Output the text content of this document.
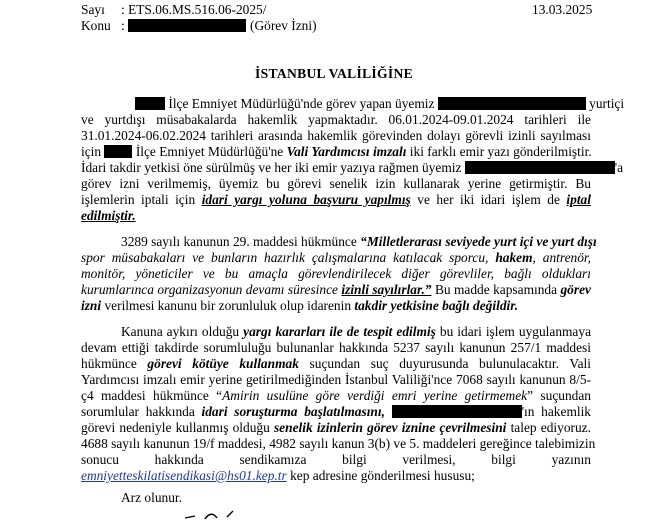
Sayı : ETS.06.MS.516.06-2025/	13.03.2025
Konu :	(Görev İzni)
İSTANBUL VALİLİĞİNE
İlçe Emniyet Müdürlüğü'nde görev yapan üyemiz	yurtiçi
ve yurtdışı müsabakalarda hakemlik yapmaktadır. 06.01.2024-09.01.2024 tarihleri ile
31.01.2024-06.02.2024 tarihleri arasında hakemlik görevinden dolayı görevli izinli sayılması
için	İlçe Emniyet Müdürlüğü'ne Vali Yardımcısı imzalı iki farklı emir yazı gönderilmiştir.
İdari takdir yetkisi öne sürülmüş ve her iki emir yazıya rağmen üyemiz	'a
görev izni verilmemiş, üyemiz bu görevi senelik izin kullanarak yerine getirmiştir. Bu
işlemlerin iptali için idari yargı yoluna başvuru yapılmış ve her iki idari işlem de iptal
edilmiştir.
3289 sayılı kanunun 29. maddesi hükmünce “Milletlerarası seviyede yurt içi ve yurt dışı
spor müsabakaları ve bunların hazırlık çalışmalarına katılacak sporcu, hakem, antrenör,
monitör, yöneticiler ve bu amaçla görevlendirilecek diğer görevliler, bağlı oldukları
kurumlarınca organizasyonun devamı süresince izinli sayılırlar.” Bu madde kapsamında görev
izni verilmesi kanunu bir zorunluluk olup idarenin takdir yetkisine bağlı değildir.
Kanuna aykırı olduğu yargı kararları ile de tespit edilmiş bu idari işlem uygulanmaya
devam ettiği takdirde sorumluluğu bulunanlar hakkında 5237 sayılı kanunun 257/1 maddesi
hükmünce görevi kötüye kullanmak suçundan suç duyurusunda bulunulacaktır. Vali
Yardımcısı imzalı emir yerine getirilmediğinden İstanbul Valiliği'nce 7068 sayılı kanunun 8/5-
ç4 maddesi hükmünce “Amirin usulüne göre verdiği emri yerine getirmemek” suçundan
sorumlular hakkında idari soruşturma başlatılmasını,	'ın hakemlik
görevi nedeniyle kullanmış olduğu senelik izinlerin görev iznine çevrilmesini talep ediyoruz.
4688 sayılı kanunun 19/f maddesi, 4982 sayılı kanun 3(b) ve 5. maddeleri gereğince talebimizin
sonucu hakkında sendikamıza bilgi verilmesi, bilgi yazının
emniyetteskilatisendikasi@hs01.kep.tr kep adresine gönderilmesi hususu;
Arz olunur.
